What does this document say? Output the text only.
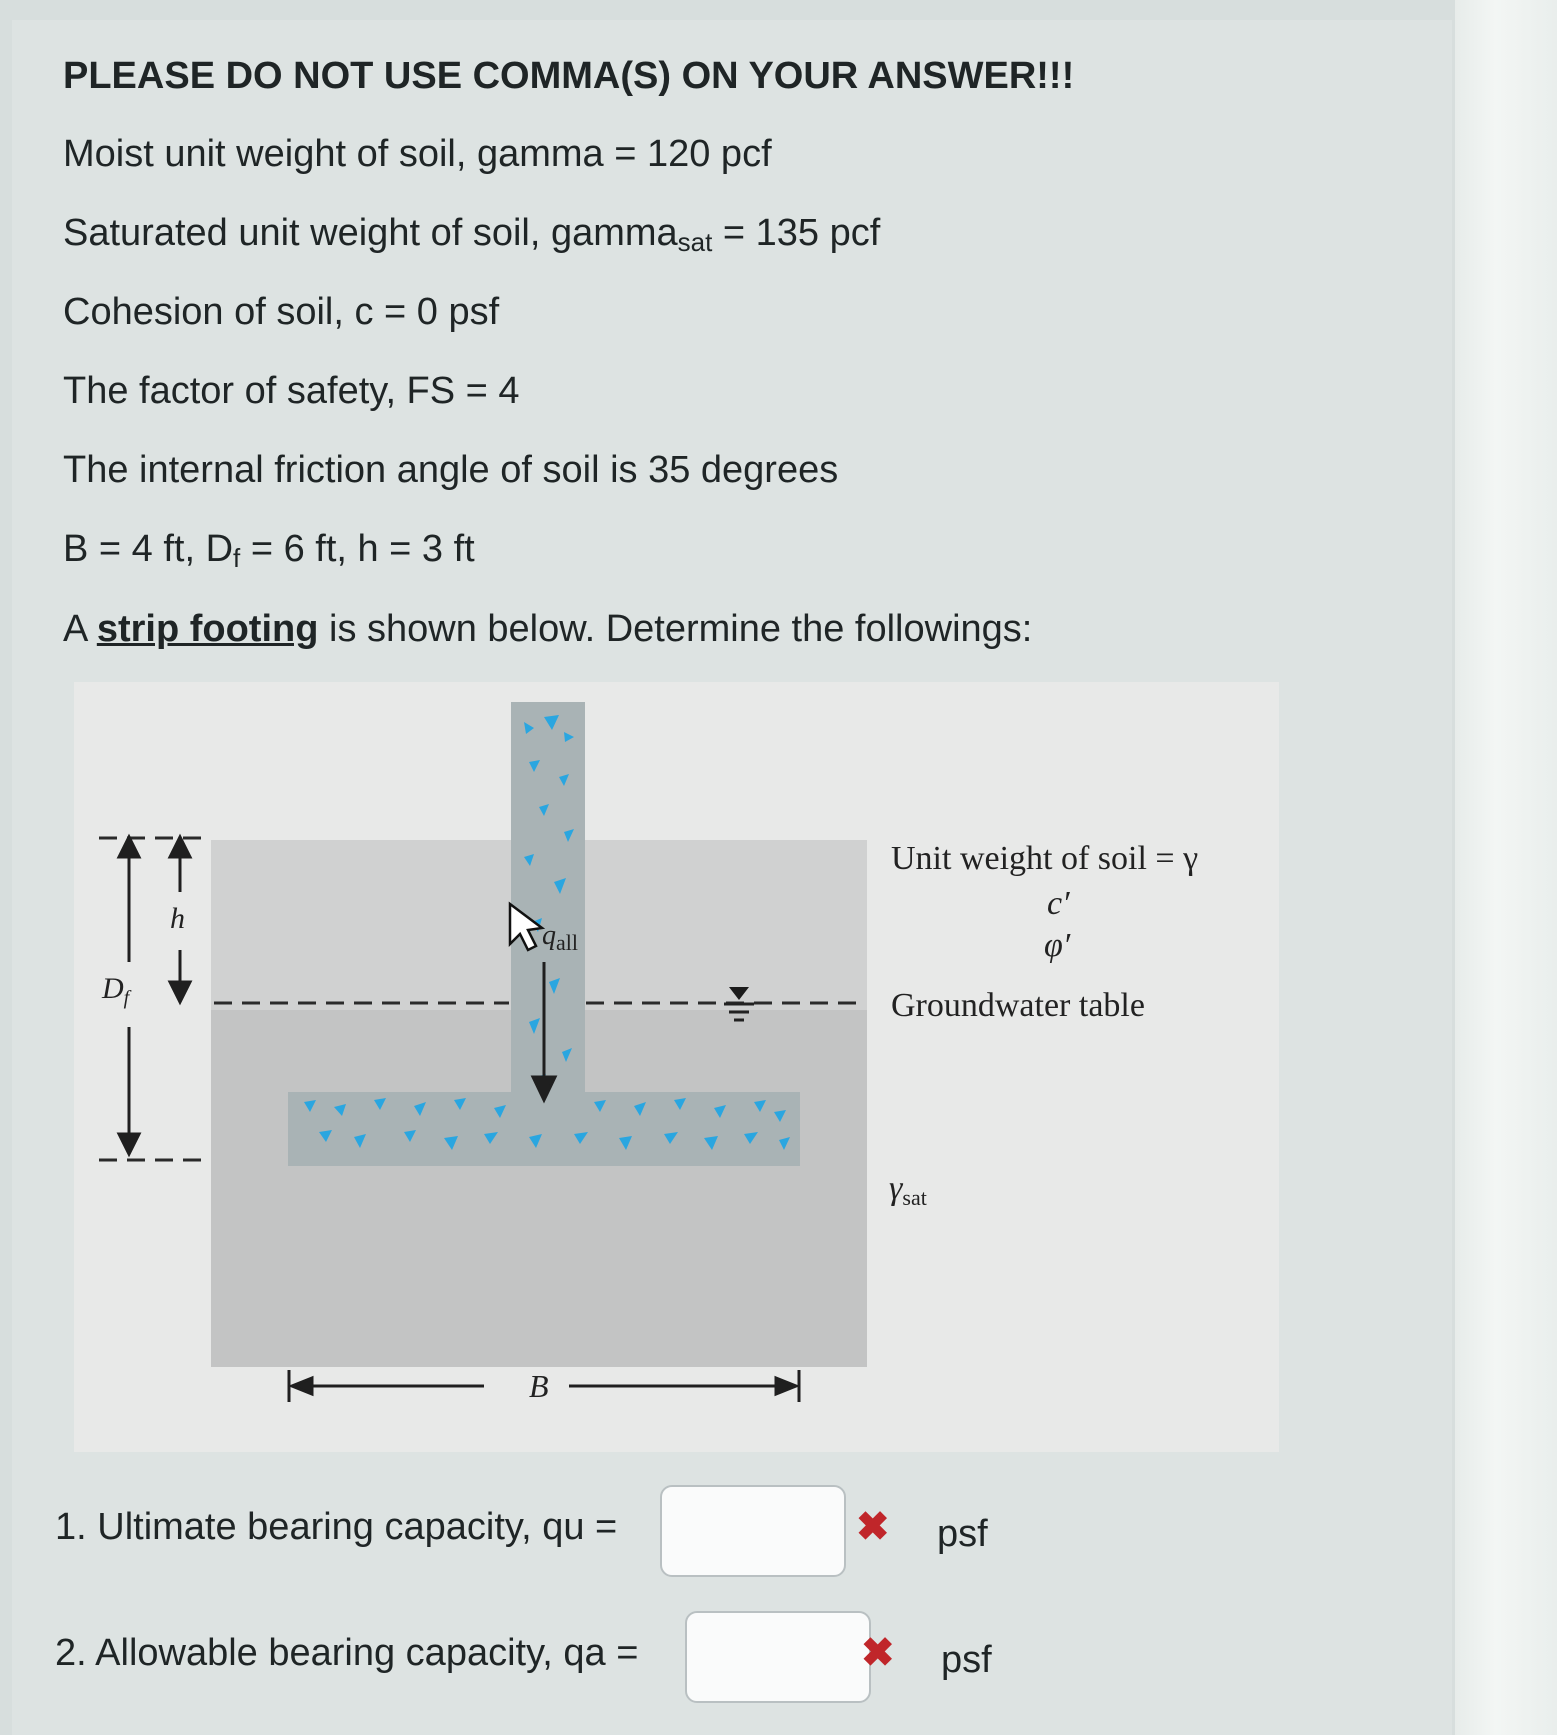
PLEASE DO NOT USE COMMA(S) ON YOUR ANSWER!!!
Moist unit weight of soil, gamma = 120 pcf
Saturated unit weight of soil, gamma$_{sat}$ = 135 pcf
Cohesion of soil, c = 0 psf
The factor of safety, FS = 4
The internal friction angle of soil is 35 degrees
B = 4 ft, $D_f = 6$ ft, h = 3 ft
A strip footing is shown below. Determine the followings:
Unit weight of soil = γ
c′
φ′
Groundwater table
$\gamma_{sat}$
h
$D_f$
B
$q_{all}$
1. Ultimate bearing capacity, qu =	✖ psf
2. Allowable bearing capacity, qa =	✖ psf
